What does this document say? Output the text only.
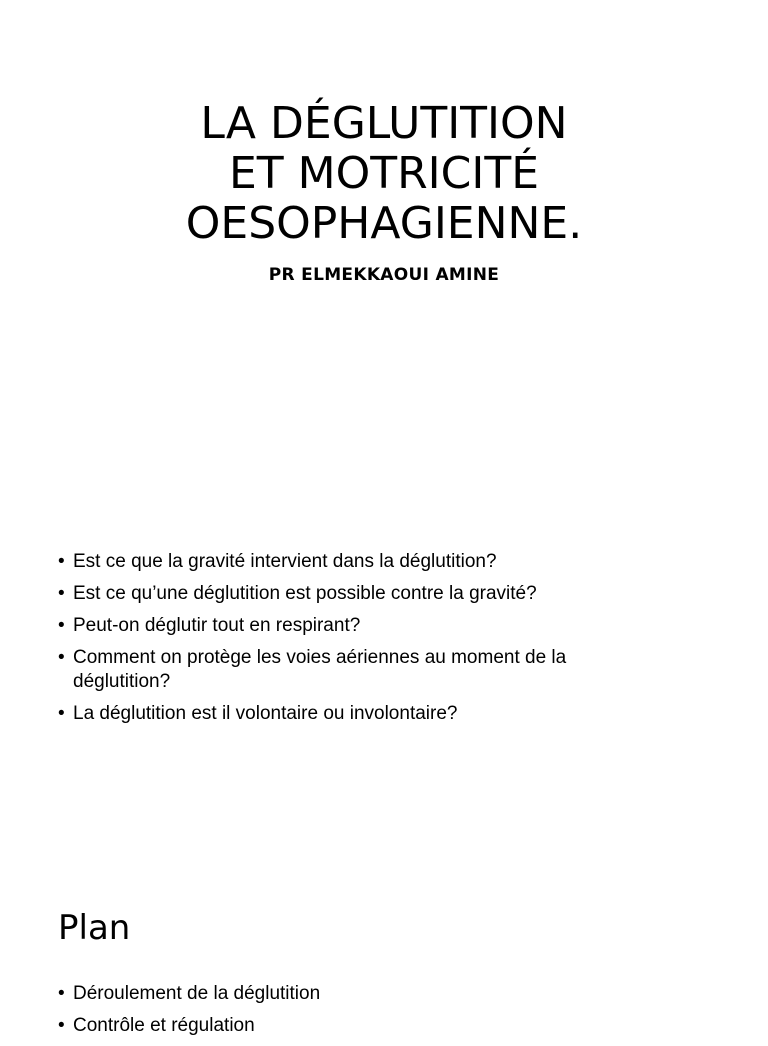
LA DÉGLUTITION
ET MOTRICITÉ
OESOPHAGIENNE.
PR ELMEKKAOUI AMINE
• Est ce que la gravité intervient dans la déglutition?
• Est ce qu’une déglutition est possible contre la gravité?
• Peut-on déglutir tout en respirant?
• Comment on protège les voies aériennes au moment de la déglutition?
• La déglutition est il volontaire ou involontaire?
Plan
• Déroulement de la déglutition
• Contrôle et régulation
